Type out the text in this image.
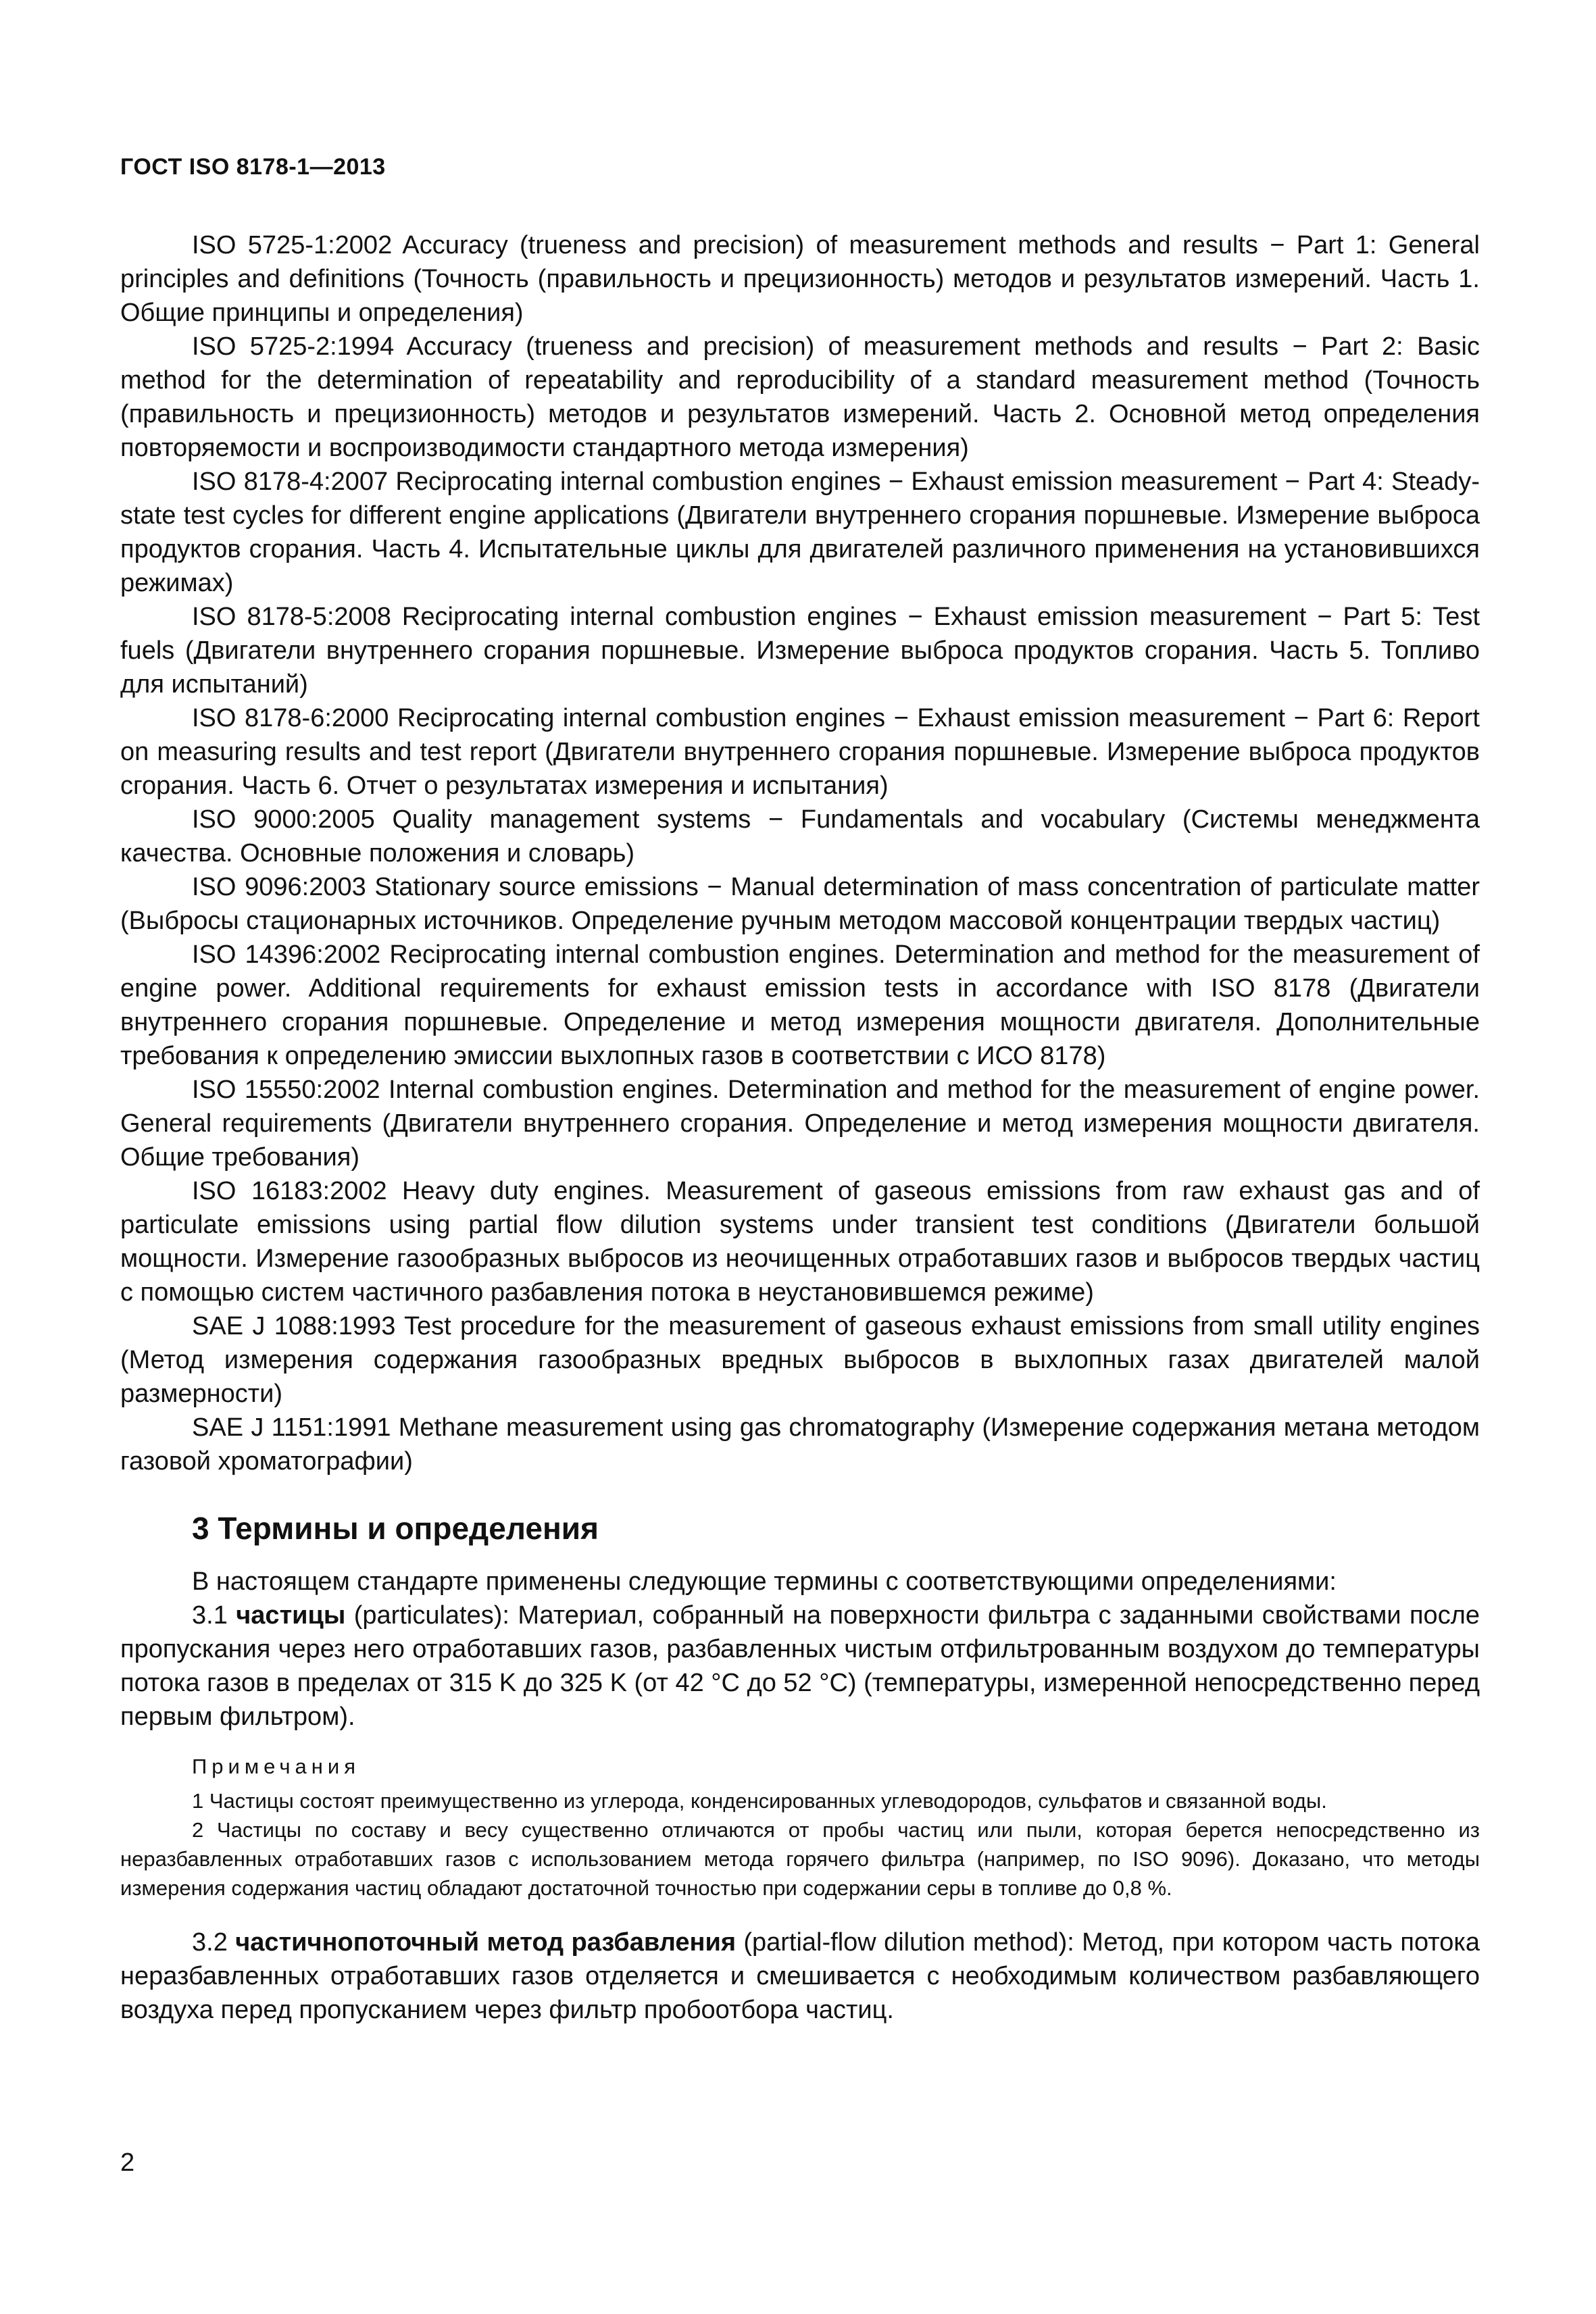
ГОСТ ISO 8178-1—2013

ISO 5725-1:2002 Accuracy (trueness and precision) of measurement methods and results − Part 1: General principles and definitions (Точность (правильность и прецизионность) методов и результатов измерений. Часть 1. Общие принципы и определения)

ISO 5725-2:1994 Accuracy (trueness and precision) of measurement methods and results − Part 2: Basic method for the determination of repeatability and reproducibility of a standard measurement method (Точность (правильность и прецизионность) методов и результатов измерений. Часть 2. Основной метод определения повторяемости и воспроизводимости стандартного метода измерения)

ISO 8178-4:2007 Reciprocating internal combustion engines − Exhaust emission measurement − Part 4: Steady-state test cycles for different engine applications (Двигатели внутреннего сгорания поршневые. Измерение выброса продуктов сгорания. Часть 4. Испытательные циклы для двигателей различного применения на установившихся режимах)

ISO 8178-5:2008 Reciprocating internal combustion engines − Exhaust emission measurement − Part 5: Test fuels (Двигатели внутреннего сгорания поршневые. Измерение выброса продуктов сгорания. Часть 5. Топливо для испытаний)

ISO 8178-6:2000 Reciprocating internal combustion engines − Exhaust emission measurement − Part 6: Report on measuring results and test report (Двигатели внутреннего сгорания поршневые. Измерение выброса продуктов сгорания. Часть 6. Отчет о результатах измерения и испытания)

ISO 9000:2005 Quality management systems − Fundamentals and vocabulary (Системы менеджмента качества. Основные положения и словарь)

ISO 9096:2003 Stationary source emissions − Manual determination of mass concentration of particulate matter (Выбросы стационарных источников. Определение ручным методом массовой концентрации твердых частиц)

ISO 14396:2002 Reciprocating internal combustion engines. Determination and method for the measurement of engine power. Additional requirements for exhaust emission tests in accordance with ISO 8178 (Двигатели внутреннего сгорания поршневые. Определение и метод измерения мощности двигателя. Дополнительные требования к определению эмиссии выхлопных газов в соответствии с ИСО 8178)

ISO 15550:2002 Internal combustion engines. Determination and method for the measurement of engine power. General requirements (Двигатели внутреннего сгорания. Определение и метод измерения мощности двигателя. Общие требования)

ISO 16183:2002 Heavy duty engines. Measurement of gaseous emissions from raw exhaust gas and of particulate emissions using partial flow dilution systems under transient test conditions (Двигатели большой мощности. Измерение газообразных выбросов из неочищенных отработавших газов и выбросов твердых частиц с помощью систем частичного разбавления потока в неустановившемся режиме)

SAE J 1088:1993 Test procedure for the measurement of gaseous exhaust emissions from small utility engines (Метод измерения содержания газообразных вредных выбросов в выхлопных газах двигателей малой размерности)

SAE J 1151:1991 Methane measurement using gas chromatography (Измерение содержания метана методом газовой хроматографии)

3 Термины и определения

В настоящем стандарте применены следующие термины с соответствующими определениями:

3.1 частицы (particulates): Материал, собранный на поверхности фильтра с заданными свойствами после пропускания через него отработавших газов, разбавленных чистым отфильтрованным воздухом до температуры потока газов в пределах от 315 K до 325 K (от 42 °С до 52 °С) (температуры, измеренной непосредственно перед первым фильтром).

Примечания

1 Частицы состоят преимущественно из углерода, конденсированных углеводородов, сульфатов и связанной воды.

2 Частицы по составу и весу существенно отличаются от пробы частиц или пыли, которая берется непосредственно из неразбавленных отработавших газов с использованием метода горячего фильтра (например, по ISO 9096). Доказано, что методы измерения содержания частиц обладают достаточной точностью при содержании серы в топливе до 0,8 %.

3.2 частичнопоточный метод разбавления (partial-flow dilution method): Метод, при котором часть потока неразбавленных отработавших газов отделяется и смешивается с необходимым количеством разбавляющего воздуха перед пропусканием через фильтр пробоотбора частиц.

2
